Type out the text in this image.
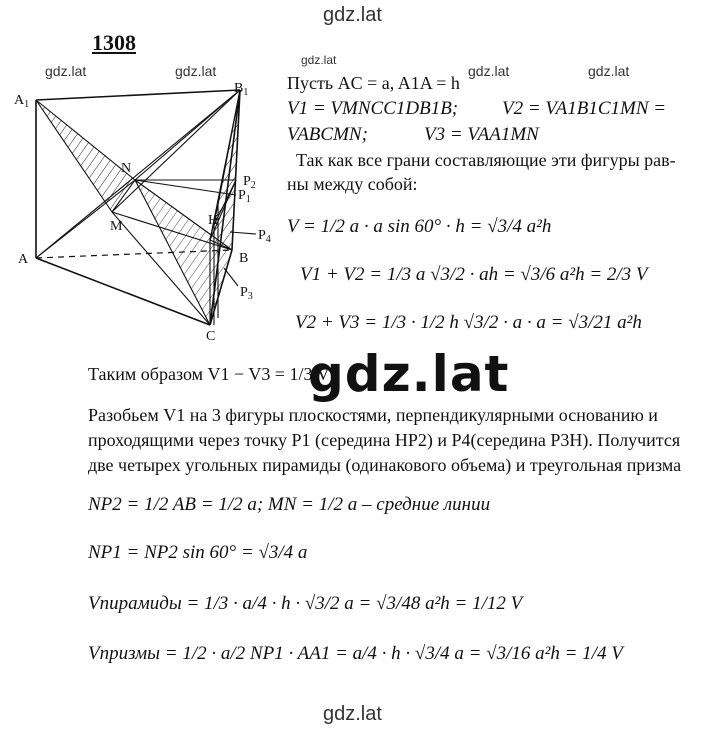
gdz.lat
gdz.lat	gdz.lat
gdz.lat
gdz.lat	gdz.lat
gdz.lat
gdz.lat
1308
$A_1$
$B_1$
N
M
$P_2$
$P_1$
H
$P_4$
A	B
$P_3$
C
Пусть AC = a, A1A = h
V1 = VMNCC1DB1B; V2 = VA1B1C1MN =
VABCMN;	V3 = VAA1MN
Так как все грани составляющие эти фигуры рав-
ны между собой:
V = 1/2 a · a sin 60° · h = √3/4 a²h
V1 + V2 = 1/3 a √3/2 · ah = √3/6 a²h = 2/3 V
V2 + V3 = 1/3 · 1/2 h √3/2 · a · a = √3/21 a²h
Таким образом V1 − V3 = 1/3 V
Разобьем V1 на 3 фигуры плоскостями, перпендикулярными основанию и
проходящими через точку P1 (середина HP2) и P4(середина P3H). Получится
две четырех угольных пирамиды (одинакового объема) и треугольная призма
NP2 = 1/2 AB = 1/2 a; MN = 1/2 a – средние линии
NP1 = NP2 sin 60° = √3/4 a
Vпирамиды = 1/3 · a/4 · h · √3/2 a = √3/48 a²h = 1/12 V
Vпризмы = 1/2 · a/2 NP1 · AA1 = a/4 · h · √3/4 a = √3/16 a²h = 1/4 V
